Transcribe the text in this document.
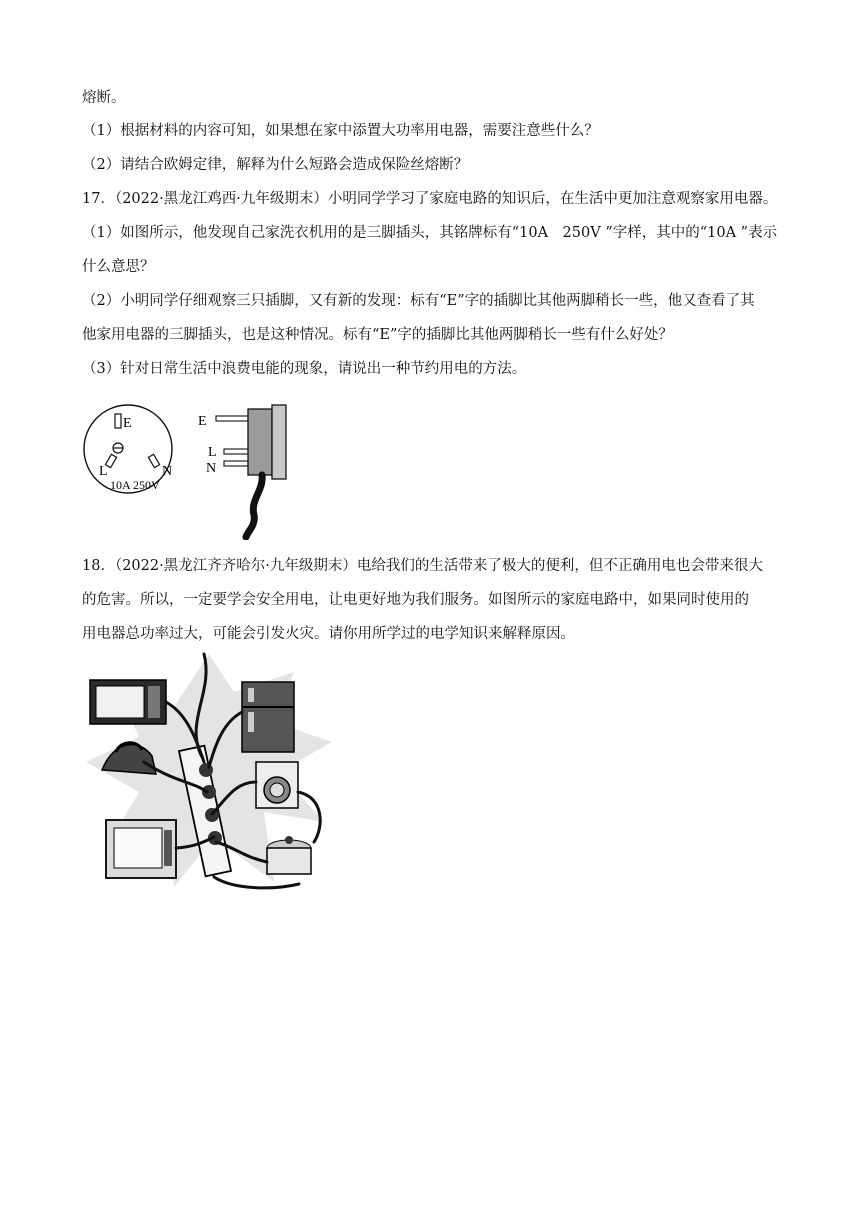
熔断。
（1）根据材料的内容可知，如果想在家中添置大功率用电器，需要注意些什么？
（2）请结合欧姆定律，解释为什么短路会造成保险丝熔断？
17．（2022·黑龙江鸡西·九年级期末）小明同学学习了家庭电路的知识后，在生活中更加注意观察家用电器。
（1）如图所示，他发现自己家洗衣机用的是三脚插头，其铭牌标有“10A　250V ”字样，其中的“10A ”表示
什么意思？
（2）小明同学仔细观察三只插脚，又有新的发现：标有“E”字的插脚比其他两脚稍长一些，他又查看了其
他家用电器的三脚插头，也是这种情况。标有“E”字的插脚比其他两脚稍长一些有什么好处？
（3）针对日常生活中浪费电能的现象，请说出一种节约用电的方法。
E
L	N
10A 250V
E
L
N
18．（2022·黑龙江齐齐哈尔·九年级期末）电给我们的生活带来了极大的便利，但不正确用电也会带来很大
的危害。所以，一定要学会安全用电，让电更好地为我们服务。如图所示的家庭电路中，如果同时使用的
用电器总功率过大，可能会引发火灾。请你用所学过的电学知识来解释原因。
